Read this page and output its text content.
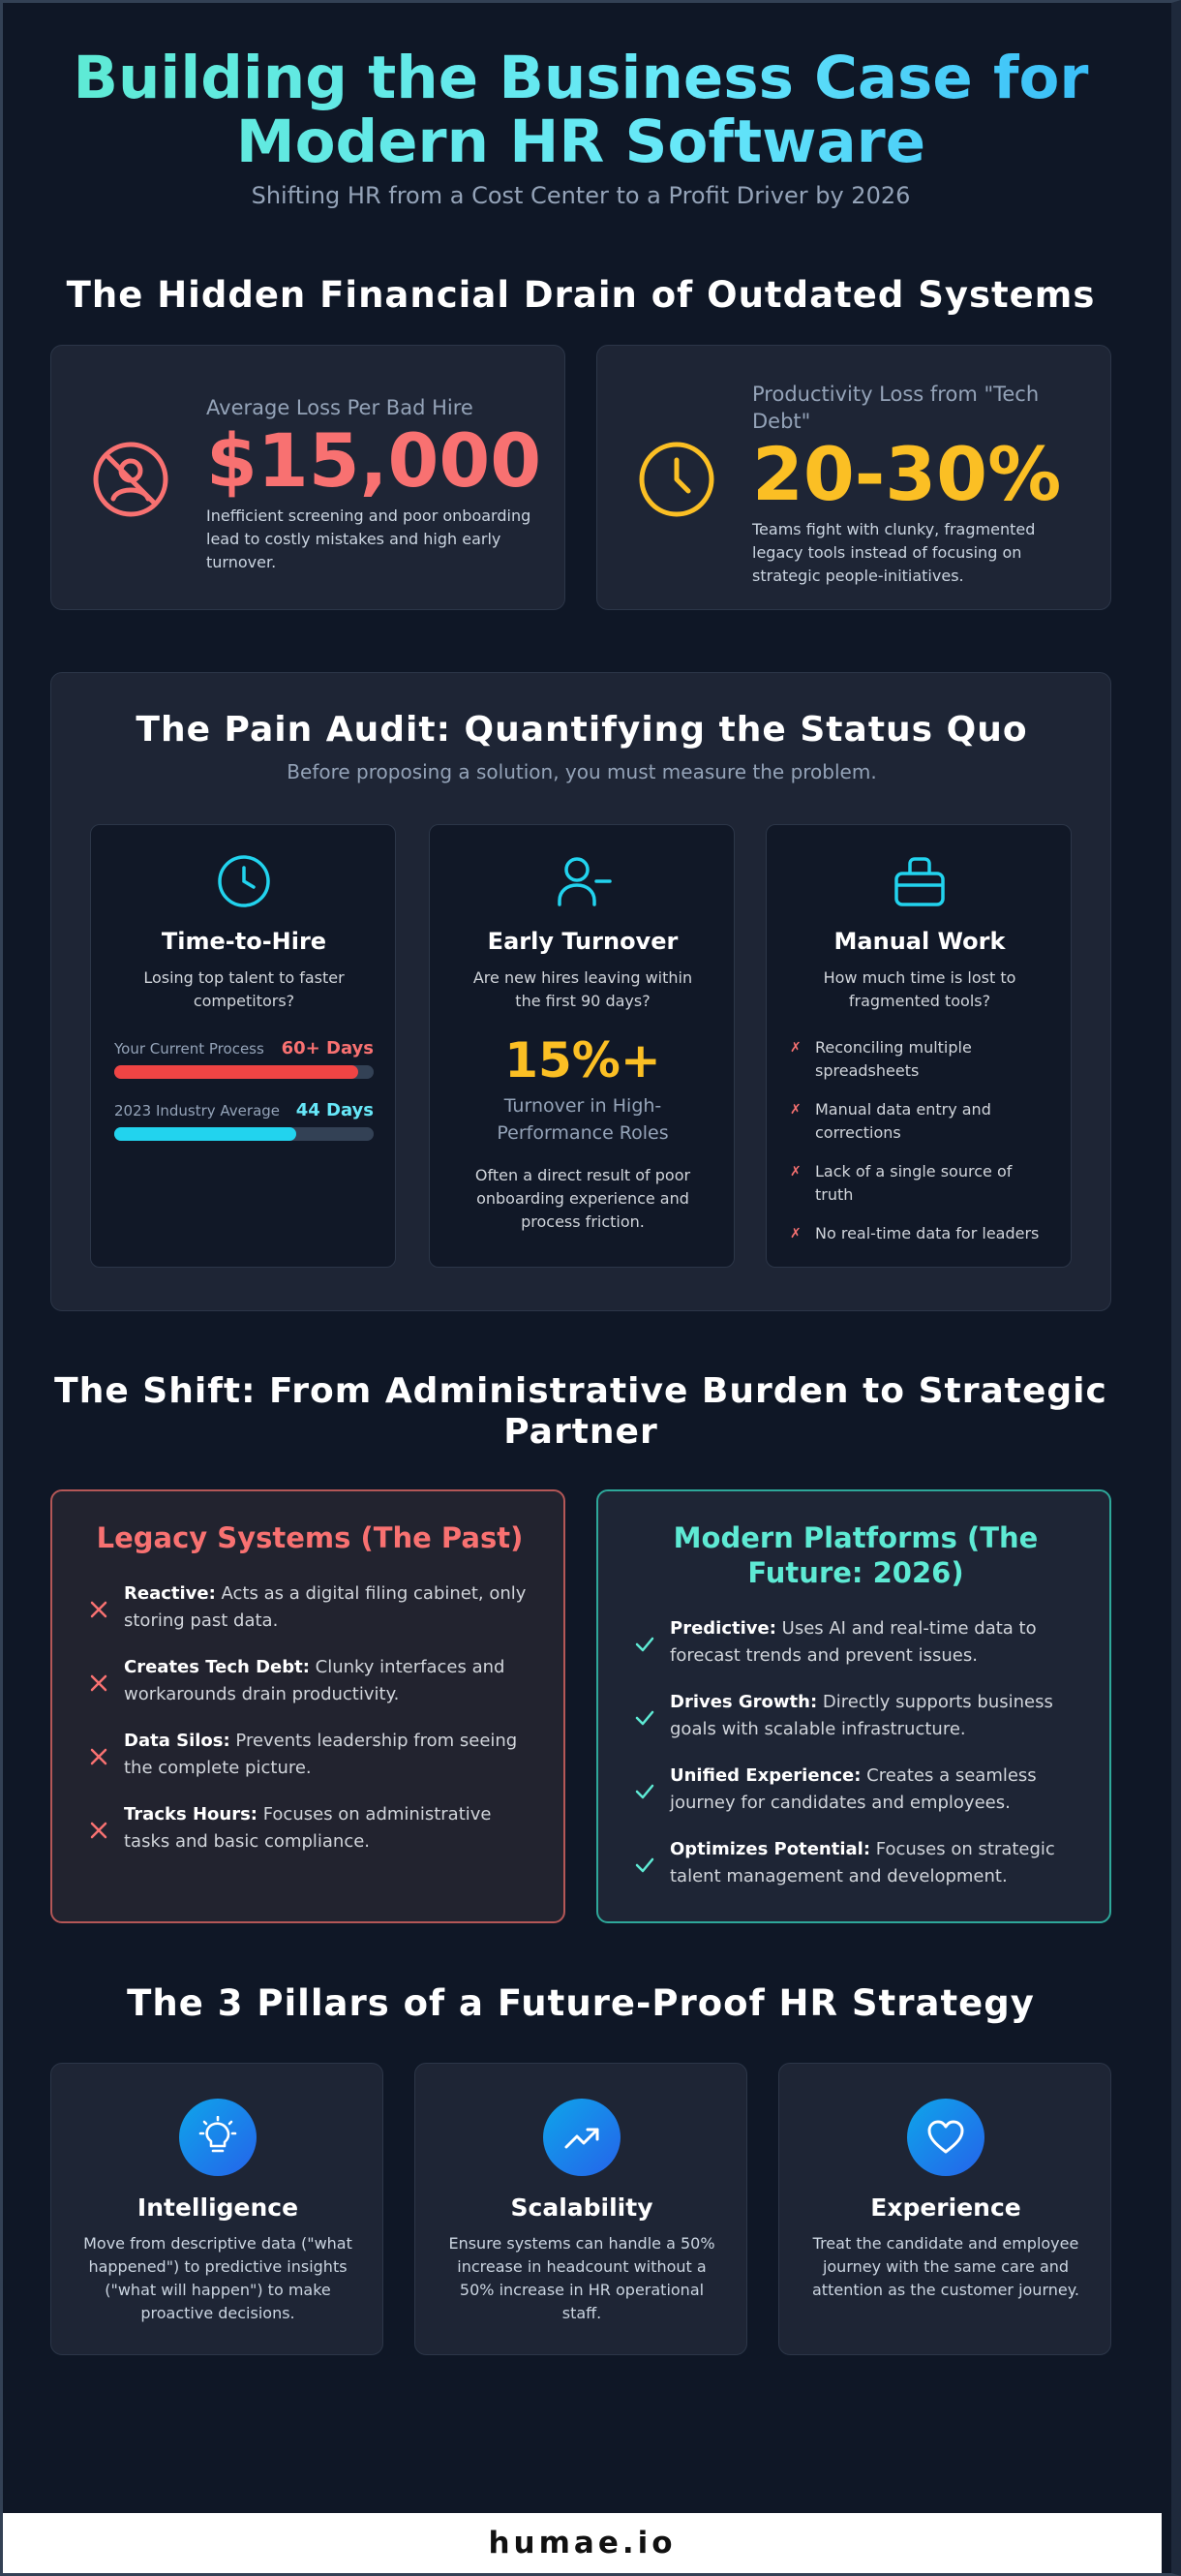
Building the Business Case for Modern HR Software
Shifting HR from a Cost Center to a Profit Driver by 2026
The Hidden Financial Drain of Outdated Systems
Average Loss Per Bad Hire
$15,000
Inefficient screening and poor onboarding lead to costly mistakes and high early turnover.
Productivity Loss from "Tech Debt"
20-30%
Teams fight with clunky, fragmented legacy tools instead of focusing on strategic people-initiatives.
The Pain Audit: Quantifying the Status Quo
Before proposing a solution, you must measure the problem.
Time-to-Hire
Losing top talent to faster competitors?
Your Current Process 60+ Days
2023 Industry Average 44 Days
Early Turnover
Are new hires leaving within the first 90 days?
15%+
Turnover in High-Performance Roles
Often a direct result of poor onboarding experience and process friction.
Manual Work
How much time is lost to fragmented tools?
✗ Reconciling multiple spreadsheets
✗ Manual data entry and corrections
✗ Lack of a single source of truth
✗ No real-time data for leaders
The Shift: From Administrative Burden to Strategic Partner
Legacy Systems (The Past)
Reactive: Acts as a digital filing cabinet, only storing past data.
Creates Tech Debt: Clunky interfaces and workarounds drain productivity.
Data Silos: Prevents leadership from seeing the complete picture.
Tracks Hours: Focuses on administrative tasks and basic compliance.
Modern Platforms (The Future: 2026)
Predictive: Uses AI and real-time data to forecast trends and prevent issues.
Drives Growth: Directly supports business goals with scalable infrastructure.
Unified Experience: Creates a seamless journey for candidates and employees.
Optimizes Potential: Focuses on strategic talent management and development.
The 3 Pillars of a Future-Proof HR Strategy
Intelligence
Move from descriptive data ("what happened") to predictive insights ("what will happen") to make proactive decisions.
Scalability
Ensure systems can handle a 50% increase in headcount without a 50% increase in HR operational staff.
Experience
Treat the candidate and employee journey with the same care and attention as the customer journey.
humae.io
